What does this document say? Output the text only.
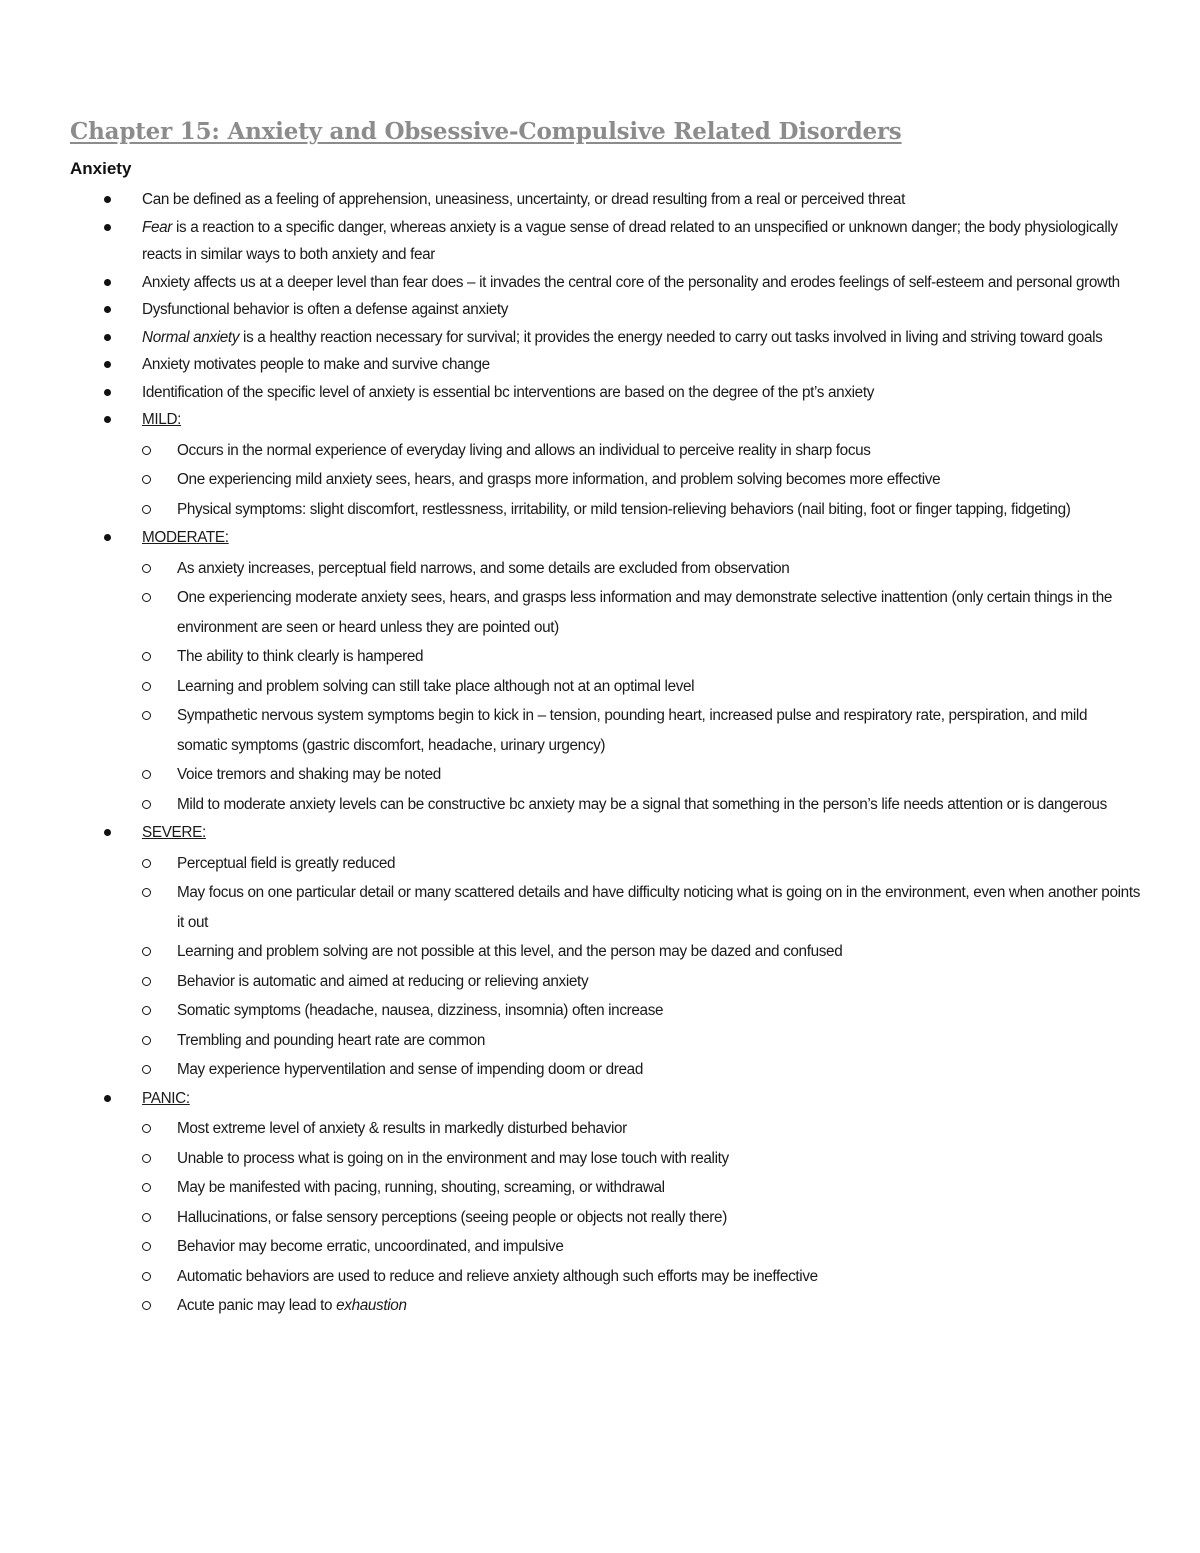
Chapter 15: Anxiety and Obsessive-Compulsive Related Disorders
Anxiety
Can be defined as a feeling of apprehension, uneasiness, uncertainty, or dread resulting from a real or perceived threat
Fear is a reaction to a specific danger, whereas anxiety is a vague sense of dread related to an unspecified or unknown danger; the body physiologically reacts in similar ways to both anxiety and fear
Anxiety affects us at a deeper level than fear does – it invades the central core of the personality and erodes feelings of self-esteem and personal growth
Dysfunctional behavior is often a defense against anxiety
Normal anxiety is a healthy reaction necessary for survival; it provides the energy needed to carry out tasks involved in living and striving toward goals
Anxiety motivates people to make and survive change
Identification of the specific level of anxiety is essential bc interventions are based on the degree of the pt’s anxiety
MILD:
Occurs in the normal experience of everyday living and allows an individual to perceive reality in sharp focus
One experiencing mild anxiety sees, hears, and grasps more information, and problem solving becomes more effective
Physical symptoms: slight discomfort, restlessness, irritability, or mild tension-relieving behaviors (nail biting, foot or finger tapping, fidgeting)
MODERATE:
As anxiety increases, perceptual field narrows, and some details are excluded from observation
One experiencing moderate anxiety sees, hears, and grasps less information and may demonstrate selective inattention (only certain things in the environment are seen or heard unless they are pointed out)
The ability to think clearly is hampered
Learning and problem solving can still take place although not at an optimal level
Sympathetic nervous system symptoms begin to kick in – tension, pounding heart, increased pulse and respiratory rate, perspiration, and mild somatic symptoms (gastric discomfort, headache, urinary urgency)
Voice tremors and shaking may be noted
Mild to moderate anxiety levels can be constructive bc anxiety may be a signal that something in the person’s life needs attention or is dangerous
SEVERE:
Perceptual field is greatly reduced
May focus on one particular detail or many scattered details and have difficulty noticing what is going on in the environment, even when another points it out
Learning and problem solving are not possible at this level, and the person may be dazed and confused
Behavior is automatic and aimed at reducing or relieving anxiety
Somatic symptoms (headache, nausea, dizziness, insomnia) often increase
Trembling and pounding heart rate are common
May experience hyperventilation and sense of impending doom or dread
PANIC:
Most extreme level of anxiety & results in markedly disturbed behavior
Unable to process what is going on in the environment and may lose touch with reality
May be manifested with pacing, running, shouting, screaming, or withdrawal
Hallucinations, or false sensory perceptions (seeing people or objects not really there)
Behavior may become erratic, uncoordinated, and impulsive
Automatic behaviors are used to reduce and relieve anxiety although such efforts may be ineffective
Acute panic may lead to exhaustion
